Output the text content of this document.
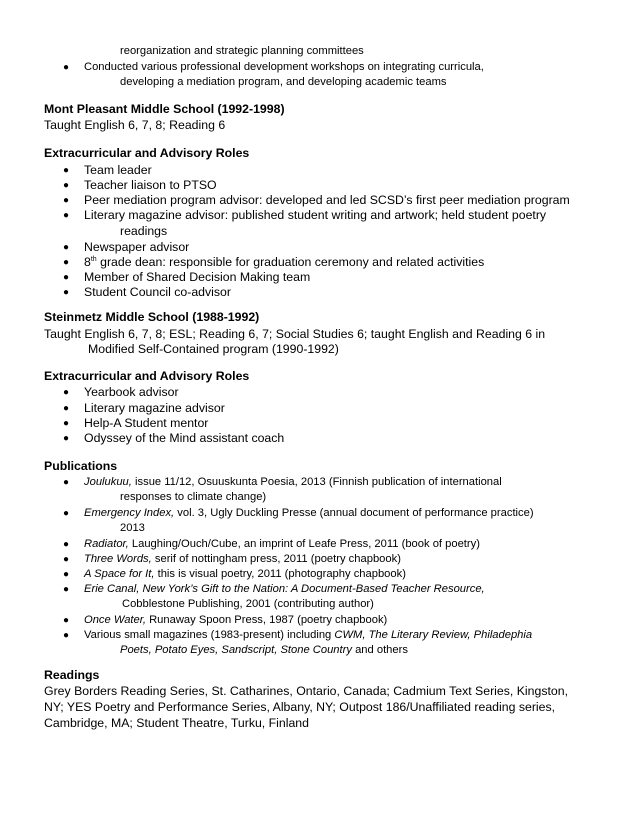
reorganization and strategic planning committees
● Conducted various professional development workshops on integrating curricula,
developing a mediation program, and developing academic teams
Mont Pleasant Middle School (1992-1998)
Taught English 6, 7, 8; Reading 6
Extracurricular and Advisory Roles
● Team leader
● Teacher liaison to PTSO
● Peer mediation program advisor: developed and led SCSD’s first peer mediation program
● Literary magazine advisor: published student writing and artwork; held student poetry
readings
● Newspaper advisor
● 8th grade dean: responsible for graduation ceremony and related activities
● Member of Shared Decision Making team
● Student Council co-advisor
Steinmetz Middle School (1988-1992)
Taught English 6, 7, 8; ESL; Reading 6, 7; Social Studies 6; taught English and Reading 6 in
Modified Self-Contained program (1990-1992)
Extracurricular and Advisory Roles
● Yearbook advisor
● Literary magazine advisor
● Help-A Student mentor
● Odyssey of the Mind assistant coach
Publications
● Joulukuu, issue 11/12, Osuuskunta Poesia, 2013 (Finnish publication of international
responses to climate change)
● Emergency Index, vol. 3, Ugly Duckling Presse (annual document of performance practice)
2013
● Radiator, Laughing/Ouch/Cube, an imprint of Leafe Press, 2011 (book of poetry)
● Three Words, serif of nottingham press, 2011 (poetry chapbook)
● A Space for It, this is visual poetry, 2011 (photography chapbook)
● Erie Canal, New York’s Gift to the Nation: A Document-Based Teacher Resource,
Cobblestone Publishing, 2001 (contributing author)
● Once Water, Runaway Spoon Press, 1987 (poetry chapbook)
● Various small magazines (1983-present) including CWM, The Literary Review, Philadephia
Poets, Potato Eyes, Sandscript, Stone Country and others
Readings
Grey Borders Reading Series, St. Catharines, Ontario, Canada; Cadmium Text Series, Kingston,
NY; YES Poetry and Performance Series, Albany, NY; Outpost 186/Unaffiliated reading series,
Cambridge, MA; Student Theatre, Turku, Finland
